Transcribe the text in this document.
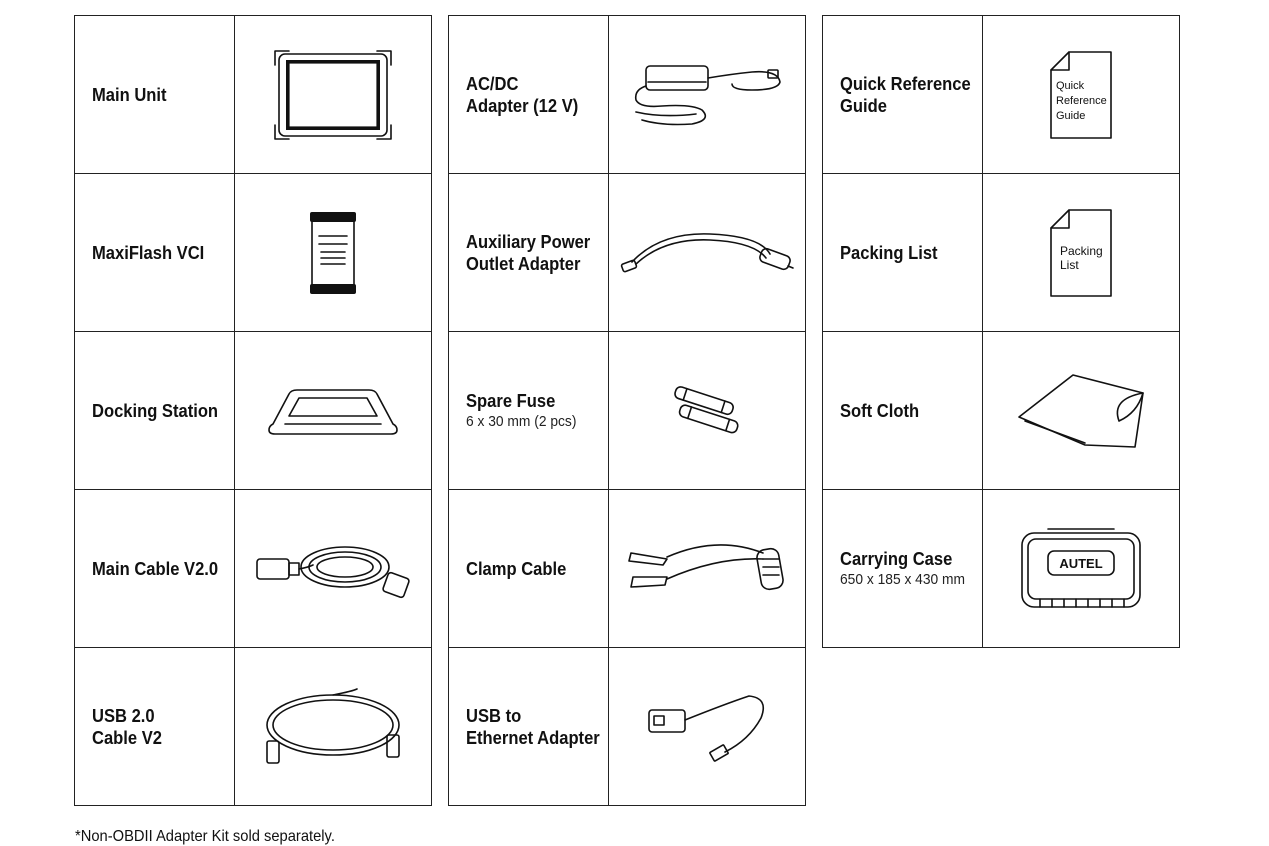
Main Unit
MaxiFlash VCI
Docking Station
Main Cable V2.0
USB 2.0
Cable V2
AC/DC
Adapter (12 V)
Auxiliary Power
Outlet Adapter
Spare Fuse
6 x 30 mm (2 pcs)
Clamp Cable
USB to
Ethernet Adapter
Quick Reference
Guide
Quick
Reference
Guide
Packing List	Packing
List
Soft Cloth
Carrying Case
650 x 185 x 430 mm
AUTEL
*Non-OBDII Adapter Kit sold separately.
